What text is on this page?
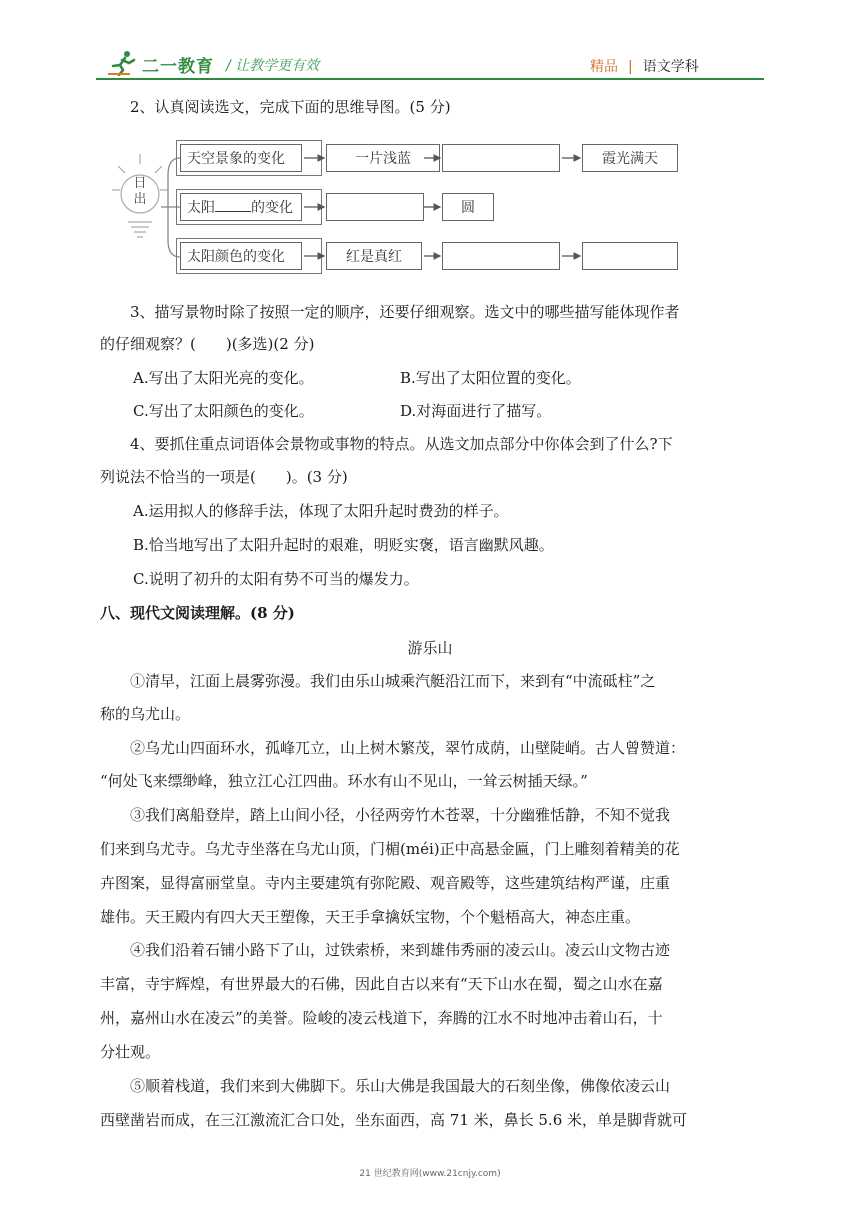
二一教育 / 让教学更有效	精品 | 语文学科
2、认真阅读选文，完成下面的思维导图。(5 分)
日
出
天空景象的变化	一片浅蓝	霞光满天
太阳	的变化	圆
太阳颜色的变化	红是真红
3、描写景物时除了按照一定的顺序，还要仔细观察。选文中的哪些描写能体现作者
的仔细观察？(　　)(多选)(2 分)
A.写出了太阳光亮的变化。	B.写出了太阳位置的变化。
C.写出了太阳颜色的变化。	D.对海面进行了描写。
4、要抓住重点词语体会景物或事物的特点。从选文加点部分中你体会到了什么?下
列说法不恰当的一项是(　　)。(3 分)
A.运用拟人的修辞手法，体现了太阳升起时费劲的样子。
B.恰当地写出了太阳升起时的艰难，明贬实褒，语言幽默风趣。
C.说明了初升的太阳有势不可当的爆发力。
八、现代文阅读理解。(8 分)
游乐山
①清早，江面上晨雾弥漫。我们由乐山城乘汽艇沿江而下，来到有“中流砥柱”之
称的乌尤山。
②乌尤山四面环水，孤峰兀立，山上树木繁茂，翠竹成荫，山壁陡峭。古人曾赞道：
“何处飞来缥缈峰，独立江心江四曲。环水有山不见山，一耸云树插天绿。”
③我们离船登岸，踏上山间小径，小径两旁竹木苍翠，十分幽雅恬静，不知不觉我
们来到乌尤寺。乌尤寺坐落在乌尤山顶，门楣(méi)正中高悬金匾，门上雕刻着精美的花
卉图案，显得富丽堂皇。寺内主要建筑有弥陀殿、观音殿等，这些建筑结构严谨，庄重
雄伟。天王殿内有四大天王塑像，天王手拿擒妖宝物，个个魁梧高大，神态庄重。
④我们沿着石铺小路下了山，过铁索桥，来到雄伟秀丽的凌云山。凌云山文物古迹
丰富，寺宇辉煌，有世界最大的石佛，因此自古以来有“天下山水在蜀，蜀之山水在嘉
州，嘉州山水在凌云”的美誉。险峻的凌云栈道下，奔腾的江水不时地冲击着山石，十
分壮观。
⑤顺着栈道，我们来到大佛脚下。乐山大佛是我国最大的石刻坐像，佛像依凌云山
西壁凿岩而成，在三江激流汇合口处，坐东面西，高 71 米，鼻长 5.6 米，单是脚背就可
21 世纪教育网(www.21cnjy.com)
